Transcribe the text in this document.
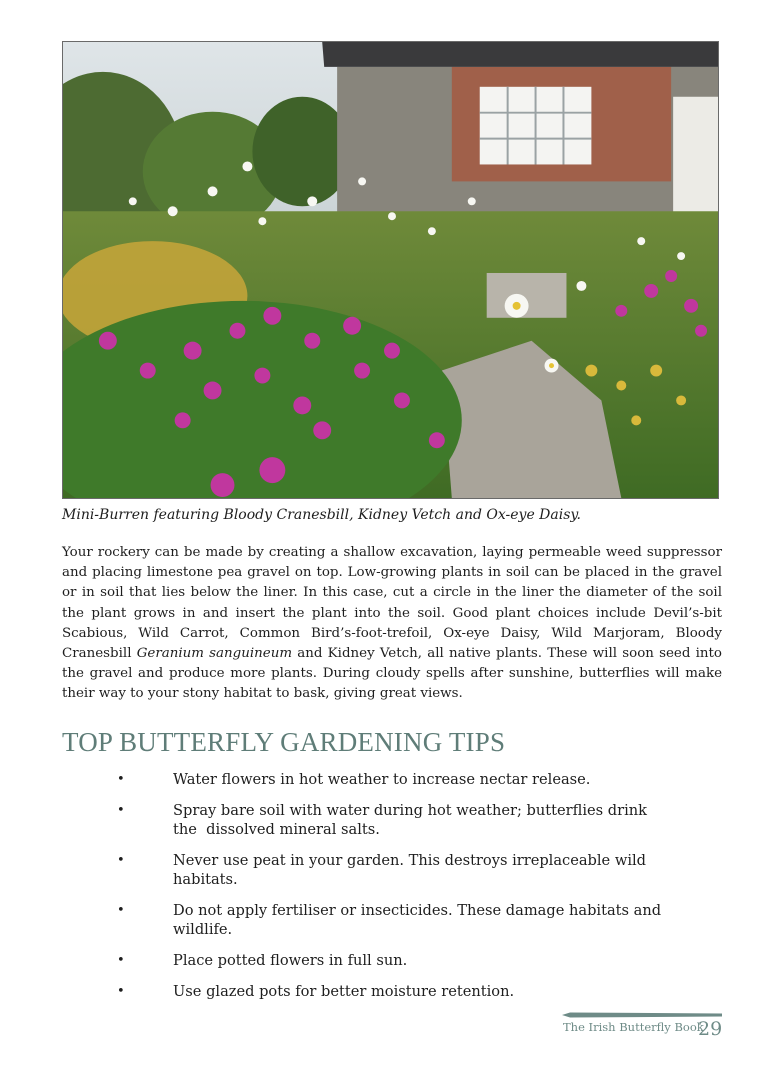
Mini-Burren featuring Bloody Cranesbill, Kidney Vetch and Ox-eye Daisy.

Your rockery can be made by creating a shallow excavation, laying permeable weed suppressor and placing limestone pea gravel on top. Low-growing plants in soil can be placed in the gravel or in soil that lies below the liner. In this case, cut a circle in the liner the diameter of the soil the plant grows in and insert the plant into the soil. Good plant choices include Devil’s-bit Scabious, Wild Carrot, Common Bird’s-foot-trefoil, Ox-eye Daisy, Wild Marjoram, Bloody Cranesbill Geranium sanguineum and Kidney Vetch, all native plants. These will soon seed into the gravel and produce more plants. During cloudy spells after sunshine, butterflies will make their way to your stony habitat to bask, giving great views.

TOP BUTTERFLY GARDENING TIPS
•	Water flowers in hot weather to increase nectar release.
•	Spray bare soil with water during hot weather; butterflies drink
the  dissolved mineral salts.
•	Never use peat in your garden. This destroys irreplaceable wild
habitats.
•	Do not apply fertiliser or insecticides. These damage habitats and
wildlife.
•	Place potted flowers in full sun.
•	Use glazed pots for better moisture retention.
The Irish Butterfly Book
29
